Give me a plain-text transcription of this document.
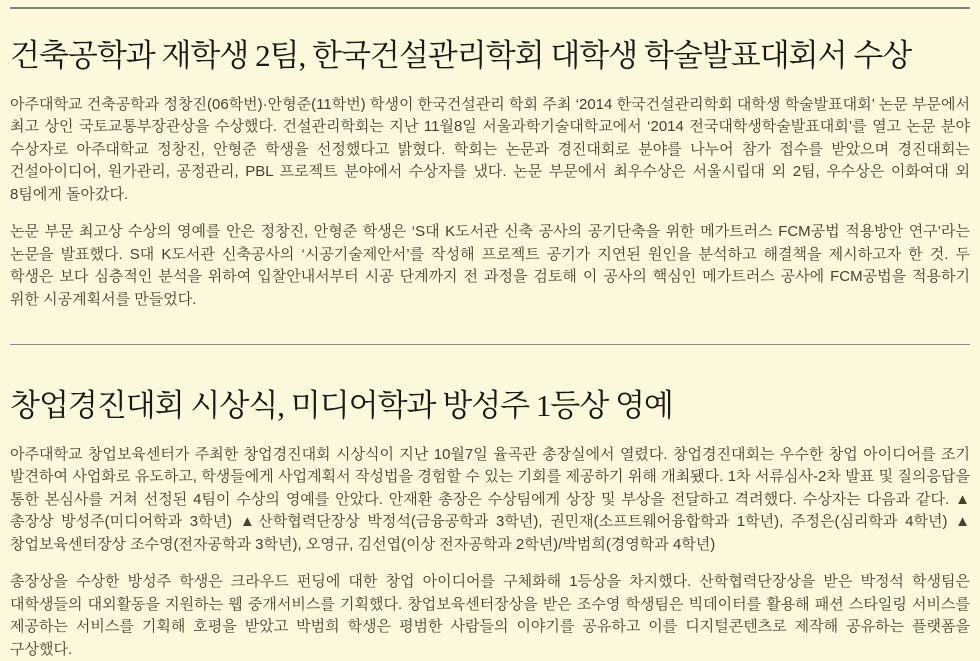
건축공학과 재학생 2팀, 한국건설관리학회 대학생 학술발표대회서 수상

아주대학교 건축공학과 정창진(06학번)·안형준(11학번) 학생이 한국건설관리 학회 주최 ‘2014 한국건설관리학회 대학생 학술발표대회’ 논문 부문에서 최고 상인 국토교통부장관상을 수상했다. 건설관리학회는 지난 11월8일 서울과학기술대학교에서 ‘2014 전국대학생학술발표대회’를 열고 논문 분야 수상자로 아주대학교 정창진, 안형준 학생을 선정했다고 밝혔다. 학회는 논문과 경진대회로 분야를 나누어 참가 접수를 받았으며 경진대회는 건설아이디어, 원가관리, 공정관리, PBL 프로젝트 분야에서 수상자를 냈다. 논문 부문에서 최우수상은 서울시립대 외 2팀, 우수상은 이화여대 외 8팀에게 돌아갔다.

논문 부문 최고상 수상의 영예를 안은 정창진, 안형준 학생은 ‘S대 K도서관 신축 공사의 공기단축을 위한 메가트러스 FCM공법 적용방안 연구’라는 논문을 발표했다. S대 K도서관 신축공사의 ‘시공기술제안서’를 작성해 프로젝트 공기가 지연된 원인을 분석하고 해결책을 제시하고자 한 것. 두 학생은 보다 심층적인 분석을 위하여 입찰안내서부터 시공 단계까지 전 과정을 검토해 이 공사의 핵심인 메가트러스 공사에 FCM공법을 적용하기 위한 시공계획서를 만들었다.

창업경진대회 시상식, 미디어학과 방성주 1등상 영예

아주대학교 창업보육센터가 주최한 창업경진대회 시상식이 지난 10월7일 율곡관 총장실에서 열렸다. 창업경진대회는 우수한 창업 아이디어를 조기 발견하여 사업화로 유도하고, 학생들에게 사업계획서 작성법을 경험할 수 있는 기회를 제공하기 위해 개최됐다. 1차 서류심사-2차 발표 및 질의응답을 통한 본심사를 거쳐 선정된 4팀이 수상의 영예를 안았다. 안재환 총장은 수상팀에게 상장 및 부상을 전달하고 격려했다. 수상자는 다음과 같다. ▲총장상 방성주(미디어학과 3학년) ▲산학협력단장상 박정석(금융공학과 3학년), 권민재(소프트웨어융합학과 1학년), 주정은(심리학과 4학년) ▲창업보육센터장상 조수영(전자공학과 3학년), 오영규, 김선엽(이상 전자공학과 2학년)/박범희(경영학과 4학년)

총장상을 수상한 방성주 학생은 크라우드 펀딩에 대한 창업 아이디어를 구체화해 1등상을 차지했다. 산학협력단장상을 받은 박정석 학생팀은 대학생들의 대외활동을 지원하는 웹 중개서비스를 기획했다. 창업보육센터장상을 받은 조수영 학생팀은 빅데이터를 활용해 패션 스타일링 서비스를 제공하는 서비스를 기획해 호평을 받았고 박범희 학생은 평범한 사람들의 이야기를 공유하고 이를 디지털콘텐츠로 제작해 공유하는 플랫폼을 구상했다.
